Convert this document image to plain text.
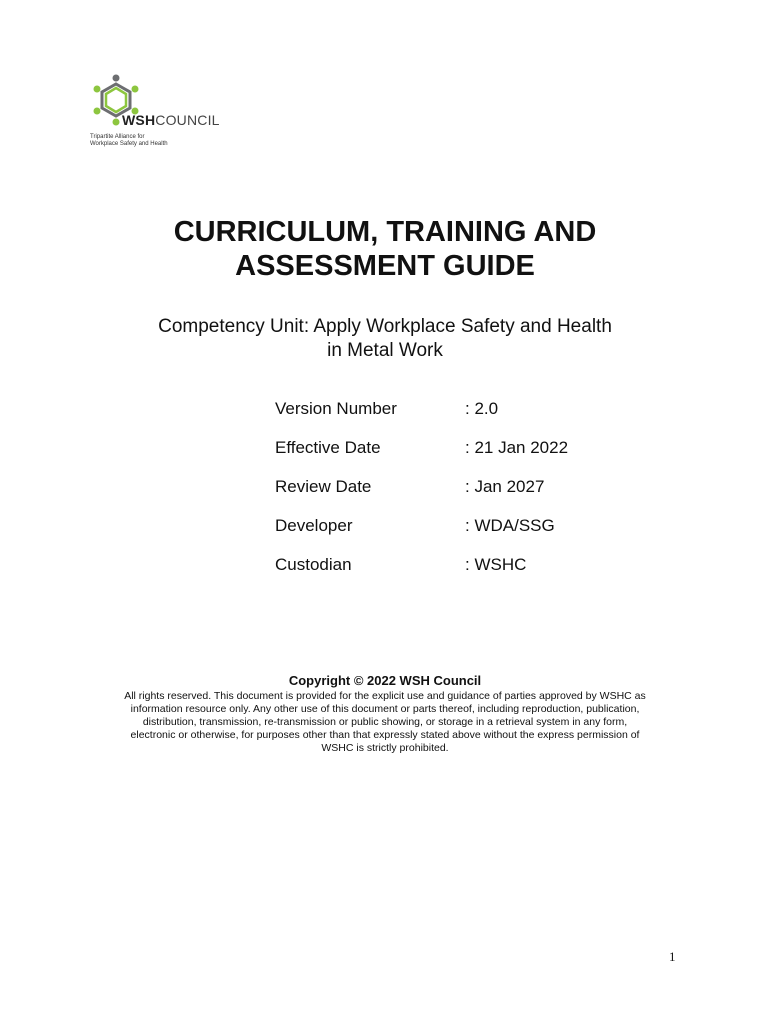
WSHCOUNCIL
Tripartite Alliance for
Workplace Safety and Health
CURRICULUM, TRAINING AND
ASSESSMENT GUIDE
Competency Unit: Apply Workplace Safety and Health
in Metal Work
Version Number	: 2.0
Effective Date	: 21 Jan 2022
Review Date	: Jan 2027
Developer	: WDA/SSG
Custodian	: WSHC
Copyright © 2022 WSH Council
All rights reserved. This document is provided for the explicit use and guidance of parties approved by WSHC as
information resource only. Any other use of this document or parts thereof, including reproduction, publication,
distribution, transmission, re-transmission or public showing, or storage in a retrieval system in any form,
electronic or otherwise, for purposes other than that expressly stated above without the express permission of
WSHC is strictly prohibited.
1
